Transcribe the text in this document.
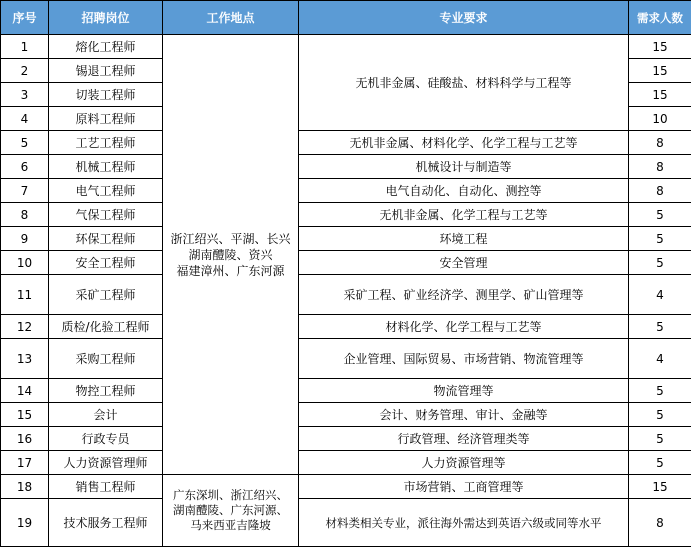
序号	招聘岗位	工作地点	专业要求	需求人数
1	熔化工程师	浙江绍兴、平湖、长兴
湖南醴陵、资兴
福建漳州、广东河源	无机非金属、硅酸盐、材料科学与工程等	15
2	锡退工程师			15
3	切装工程师			15
4	原料工程师			10
5	工艺工程师		无机非金属、材料化学、化学工程与工艺等	8
6	机械工程师		机械设计与制造等	8
7	电气工程师		电气自动化、自动化、测控等	8
8	气保工程师		无机非金属、化学工程与工艺等	5
9	环保工程师		环境工程	5
10	安全工程师		安全管理	5
11	采矿工程师		采矿工程、矿业经济学、测里学、矿山管理等	4
12	质检/化验工程师		材料化学、化学工程与工艺等	5
13	采购工程师		企业管理、国际贸易、市场营销、物流管理等	4
14	物控工程师		物流管理等	5
15	会计		会计、财务管理、审计、金融等	5
16	行政专员		行政管理、经济管理类等	5
17	人力资源管理师		人力资源管理等	5
18	销售工程师	广东深圳、浙江绍兴、
湖南醴陵、广东河源、
马来西亚吉隆坡	市场营销、工商管理等	15
19	技术服务工程师		材料类相关专业，派往海外需达到英语六级或同等水平	8
